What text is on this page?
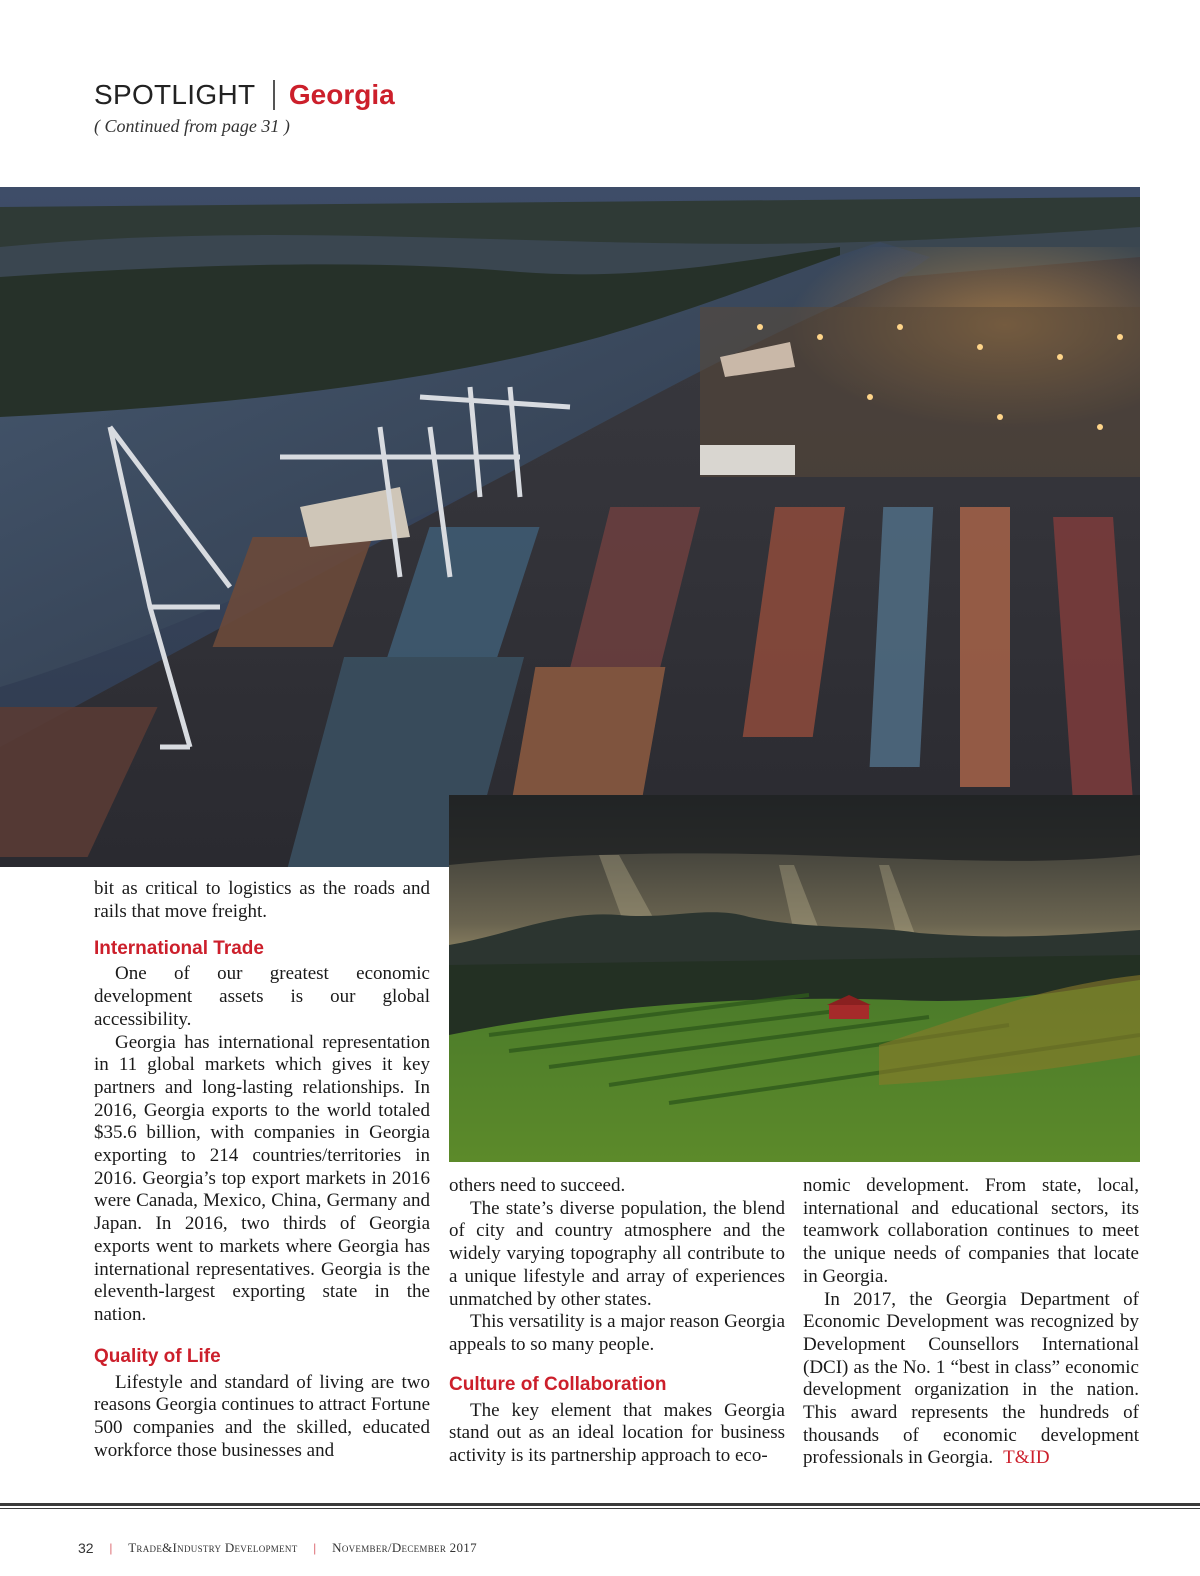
SPOTLIGHT Georgia
( Continued from page 31 )

bit as critical to logistics as the roads and rails that move freight.

International Trade

One of our greatest economic development assets is our global accessibility.

Georgia has international representation in 11 global markets which gives it key partners and long-lasting relationships. In 2016, Georgia exports to the world totaled $35.6 billion, with companies in Georgia exporting to 214 countries/territories in 2016. Georgia’s top export markets in 2016 were Canada, Mexico, China, Germany and Japan. In 2016, two thirds of Georgia exports went to markets where Georgia has international representatives. Georgia is the eleventh-largest exporting state in the nation.

Quality of Life

Lifestyle and standard of living are two reasons Georgia continues to attract Fortune 500 companies and the skilled, educated workforce those businesses and

others need to succeed.

The state’s diverse population, the blend of city and country atmosphere and the widely varying topography all contribute to a unique lifestyle and array of experiences unmatched by other states.

This versatility is a major reason Georgia appeals to so many people.

Culture of Collaboration

The key element that makes Georgia stand out as an ideal location for business activity is its partnership approach to eco-

nomic development. From state, local, international and educational sectors, its teamwork collaboration continues to meet the unique needs of companies that locate in Georgia.

In 2017, the Georgia Department of Economic Development was recognized by Development Counsellors International (DCI) as the No. 1 “best in class” economic development organization in the nation. This award represents the hundreds of thousands of economic development professionals in Georgia. T&ID

32 | Trade&Industry Development | November/December 2017
